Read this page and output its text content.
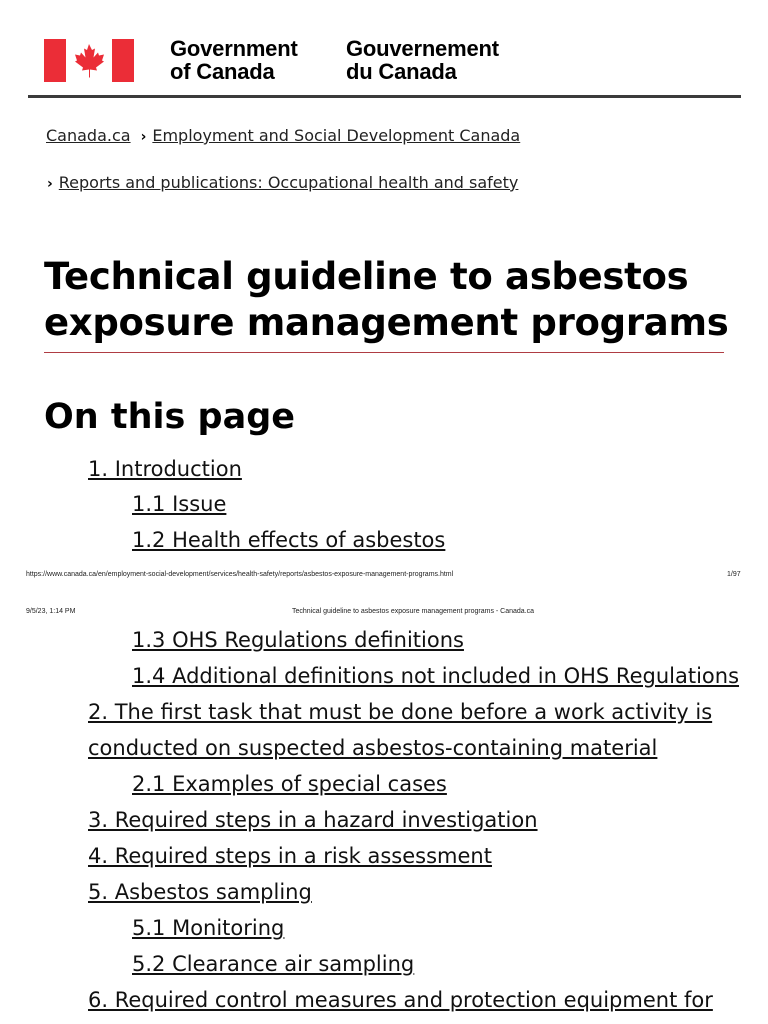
Government
of Canada
Gouvernement
du Canada
Canada.ca › Employment and Social Development Canada
› Reports and publications: Occupational health and safety
Technical guideline to asbestos
exposure management programs
On this page
1. Introduction
1.1 Issue
1.2 Health effects of asbestos
https://www.canada.ca/en/employment-social-development/services/health-safety/reports/asbestos-exposure-management-programs.html	1/97
9/5/23, 1:14 PM	Technical guideline to asbestos exposure management programs - Canada.ca
1.3 OHS Regulations definitions
1.4 Additional definitions not included in OHS Regulations
2. The first task that must be done before a work activity is
conducted on suspected asbestos-containing material
2.1 Examples of special cases
3. Required steps in a hazard investigation
4. Required steps in a risk assessment
5. Asbestos sampling
5.1 Monitoring
5.2 Clearance air sampling
6. Required control measures and protection equipment for
